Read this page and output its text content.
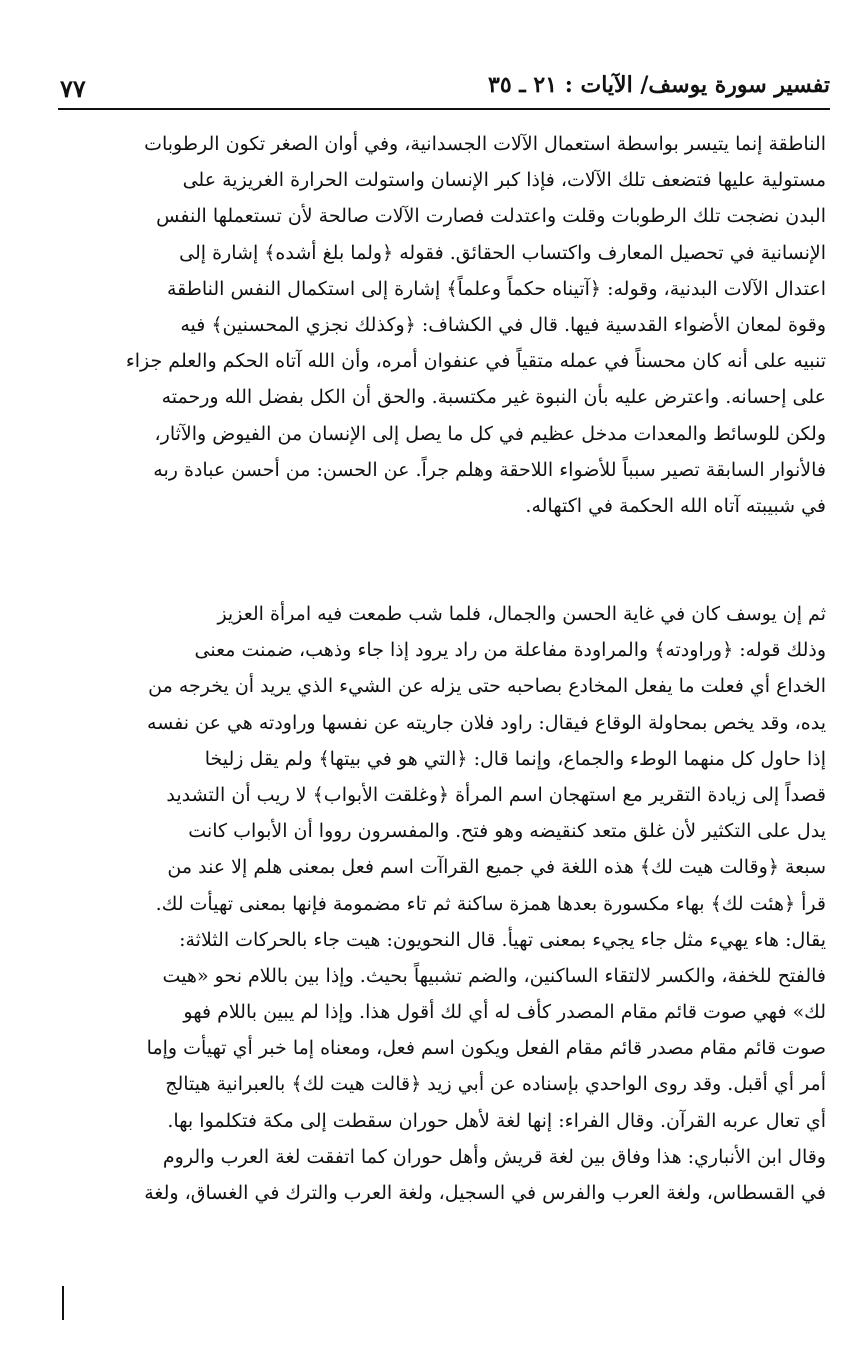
٧٧	تفسير سورة يوسف/ الآيات : ٢١ ـ ٣٥
الناطقة إنما يتيسر بواسطة استعمال الآلات الجسدانية، وفي أوان الصغر تكون الرطوبات
مستولية عليها فتضعف تلك الآلات، فإذا كبر الإنسان واستولت الحرارة الغريزية على
البدن نضجت تلك الرطوبات وقلت واعتدلت فصارت الآلات صالحة لأن تستعملها النفس
الإنسانية في تحصيل المعارف واكتساب الحقائق. فقوله ﴿ولما بلغ أشده﴾ إشارة إلى
اعتدال الآلات البدنية، وقوله: ﴿آتيناه حكماً وعلماً﴾ إشارة إلى استكمال النفس الناطقة
وقوة لمعان الأضواء القدسية فيها. قال في الكشاف: ﴿وكذلك نجزي المحسنين﴾ فيه
تنبيه على أنه كان محسناً في عمله متقياً في عنفوان أمره، وأن الله آتاه الحكم والعلم جزاء
على إحسانه. واعترض عليه بأن النبوة غير مكتسبة. والحق أن الكل بفضل الله ورحمته
ولكن للوسائط والمعدات مدخل عظيم في كل ما يصل إلى الإنسان من الفيوض والآثار،
فالأنوار السابقة تصير سبباً للأضواء اللاحقة وهلم جراً. عن الحسن: من أحسن عبادة ربه
في شبيبته آتاه الله الحكمة في اكتهاله.
ثم إن يوسف كان في غاية الحسن والجمال، فلما شب طمعت فيه امرأة العزيز
وذلك قوله: ﴿وراودته﴾ والمراودة مفاعلة من راد يرود إذا جاء وذهب، ضمنت معنى
الخداع أي فعلت ما يفعل المخادع بصاحبه حتى يزله عن الشيء الذي يريد أن يخرجه من
يده، وقد يخص بمحاولة الوقاع فيقال: راود فلان جاريته عن نفسها وراودته هي عن نفسه
إذا حاول كل منهما الوطء والجماع، وإنما قال: ﴿التي هو في بيتها﴾ ولم يقل زليخا
قصداً إلى زيادة التقرير مع استهجان اسم المرأة ﴿وغلقت الأبواب﴾ لا ريب أن التشديد
يدل على التكثير لأن غلق متعد كنقيضه وهو فتح. والمفسرون رووا أن الأبواب كانت
سبعة ﴿وقالت هيت لك﴾ هذه اللغة في جميع القراآت اسم فعل بمعنى هلم إلا عند من
قرأ ﴿هئت لك﴾ بهاء مكسورة بعدها همزة ساكنة ثم تاء مضمومة فإنها بمعنى تهيأت لك.
يقال: هاء يهيء مثل جاء يجيء بمعنى تهيأ. قال النحويون: هيت جاء بالحركات الثلاثة:
فالفتح للخفة، والكسر لالتقاء الساكنين، والضم تشبيهاً بحيث. وإذا بين باللام نحو «هيت
لك» فهي صوت قائم مقام المصدر كأف له أي لك أقول هذا. وإذا لم يبين باللام فهو
صوت قائم مقام مصدر قائم مقام الفعل ويكون اسم فعل، ومعناه إما خبر أي تهيأت وإما
أمر أي أقبل. وقد روى الواحدي بإسناده عن أبي زيد ﴿قالت هيت لك﴾ بالعبرانية هيتالج
أي تعال عربه القرآن. وقال الفراء: إنها لغة لأهل حوران سقطت إلى مكة فتكلموا بها.
وقال ابن الأنباري: هذا وفاق بين لغة قريش وأهل حوران كما اتفقت لغة العرب والروم
في القسطاس، ولغة العرب والفرس في السجيل، ولغة العرب والترك في الغساق، ولغة
